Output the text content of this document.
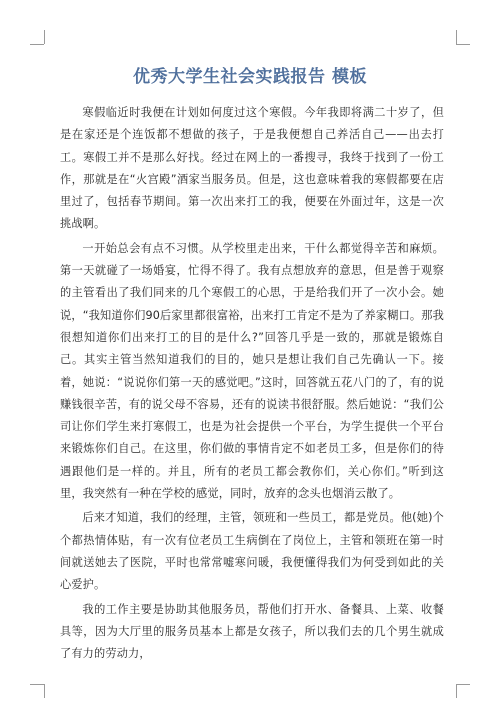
优秀大学生社会实践报告 模板

寒假临近时我便在计划如何度过这个寒假。今年我即将满二十岁了，但是在家还是个连饭都不想做的孩子，于是我便想自己养活自己——出去打工。寒假工并不是那么好找。经过在网上的一番搜寻，我终于找到了一份工作，那就是在“火宫殿”酒家当服务员。但是，这也意味着我的寒假都要在店里过了，包括春节期间。第一次出来打工的我，便要在外面过年，这是一次挑战啊。

一开始总会有点不习惯。从学校里走出来，干什么都觉得辛苦和麻烦。第一天就碰了一场婚宴，忙得不得了。我有点想放弃的意思，但是善于观察的主管看出了我们同来的几个寒假工的心思，于是给我们开了一次小会。她说，“我知道你们90后家里都很富裕，出来打工肯定不是为了养家糊口。那我很想知道你们出来打工的目的是什么?”回答几乎是一致的，那就是锻炼自己。其实主管当然知道我们的目的，她只是想让我们自己先确认一下。接着，她说：“说说你们第一天的感觉吧。”这时，回答就五花八门的了，有的说赚钱很辛苦，有的说父母不容易，还有的说读书很舒服。然后她说：“我们公司让你们学生来打寒假工，也是为社会提供一个平台，为学生提供一个平台来锻炼你们自己。在这里，你们做的事情肯定不如老员工多，但是你们的待遇跟他们是一样的。并且，所有的老员工都会教你们，关心你们。”听到这里，我突然有一种在学校的感觉，同时，放弃的念头也烟消云散了。

后来才知道，我们的经理，主管，领班和一些员工，都是党员。他(她)个个都热情体贴，有一次有位老员工生病倒在了岗位上，主管和领班在第一时间就送她去了医院，平时也常常嘘寒问暖，我便懂得我们为何受到如此的关心爱护。

我的工作主要是协助其他服务员，帮他们打开水、备餐具、上菜、收餐具等，因为大厅里的服务员基本上都是女孩子，所以我们去的几个男生就成了有力的劳动力，
